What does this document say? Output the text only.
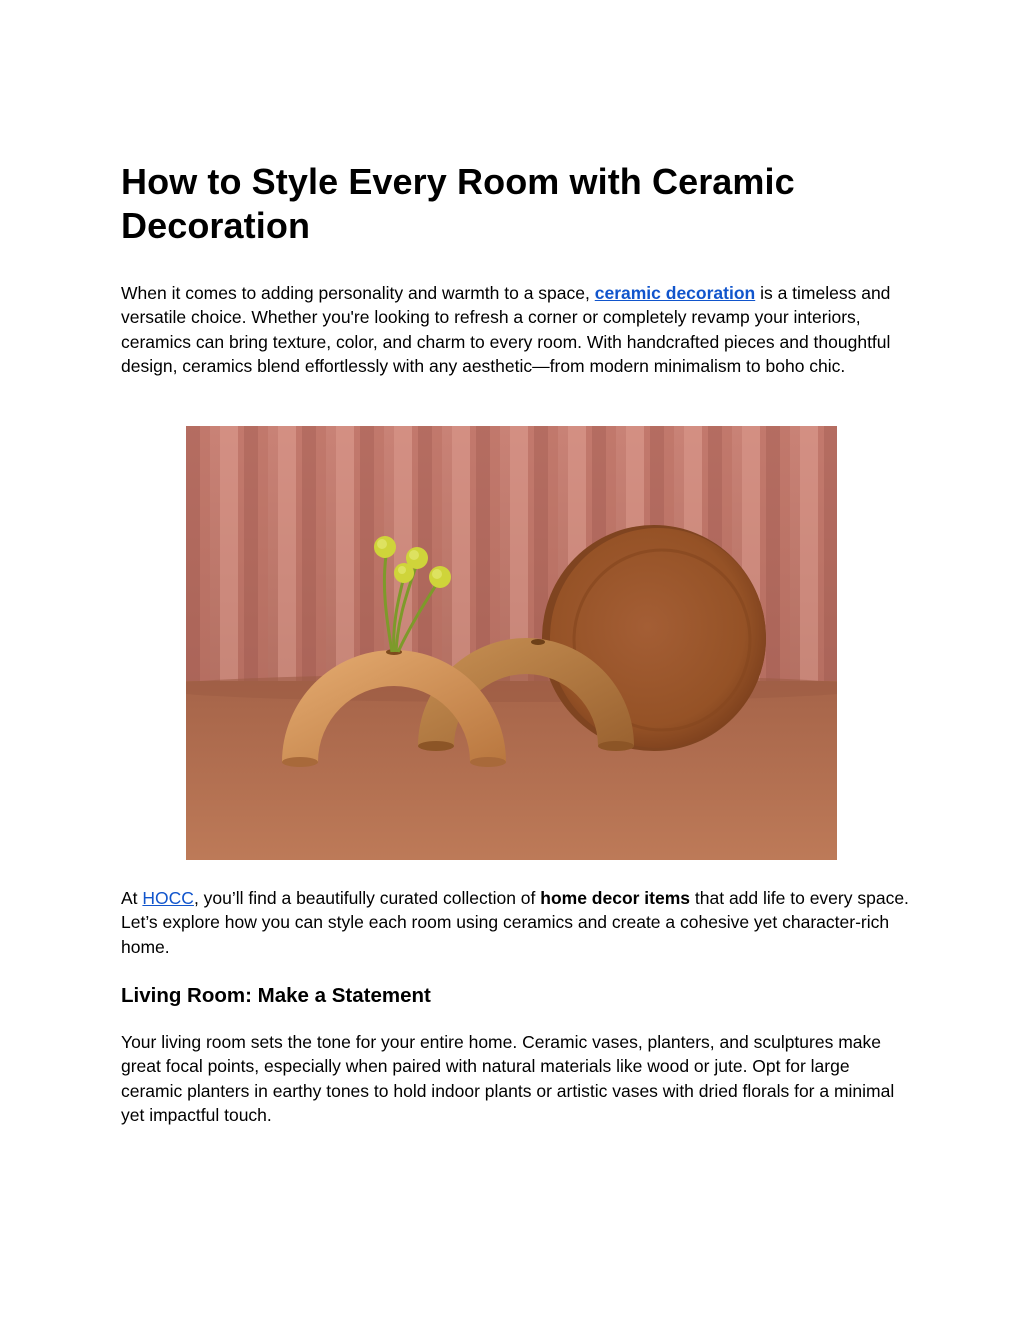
How to Style Every Room with Ceramic
Decoration

When it comes to adding personality and warmth to a space, ceramic decoration is a timeless and versatile choice. Whether you're looking to refresh a corner or completely revamp your interiors, ceramics can bring texture, color, and charm to every room. With handcrafted pieces and thoughtful design, ceramics blend effortlessly with any aesthetic—from modern minimalism to boho chic.

At HOCC, you’ll find a beautifully curated collection of home decor items that add life to every space. Let’s explore how you can style each room using ceramics and create a cohesive yet character-rich home.

Living Room: Make a Statement

Your living room sets the tone for your entire home. Ceramic vases, planters, and sculptures make great focal points, especially when paired with natural materials like wood or jute. Opt for large ceramic planters in earthy tones to hold indoor plants or artistic vases with dried florals for a minimal yet impactful touch.
